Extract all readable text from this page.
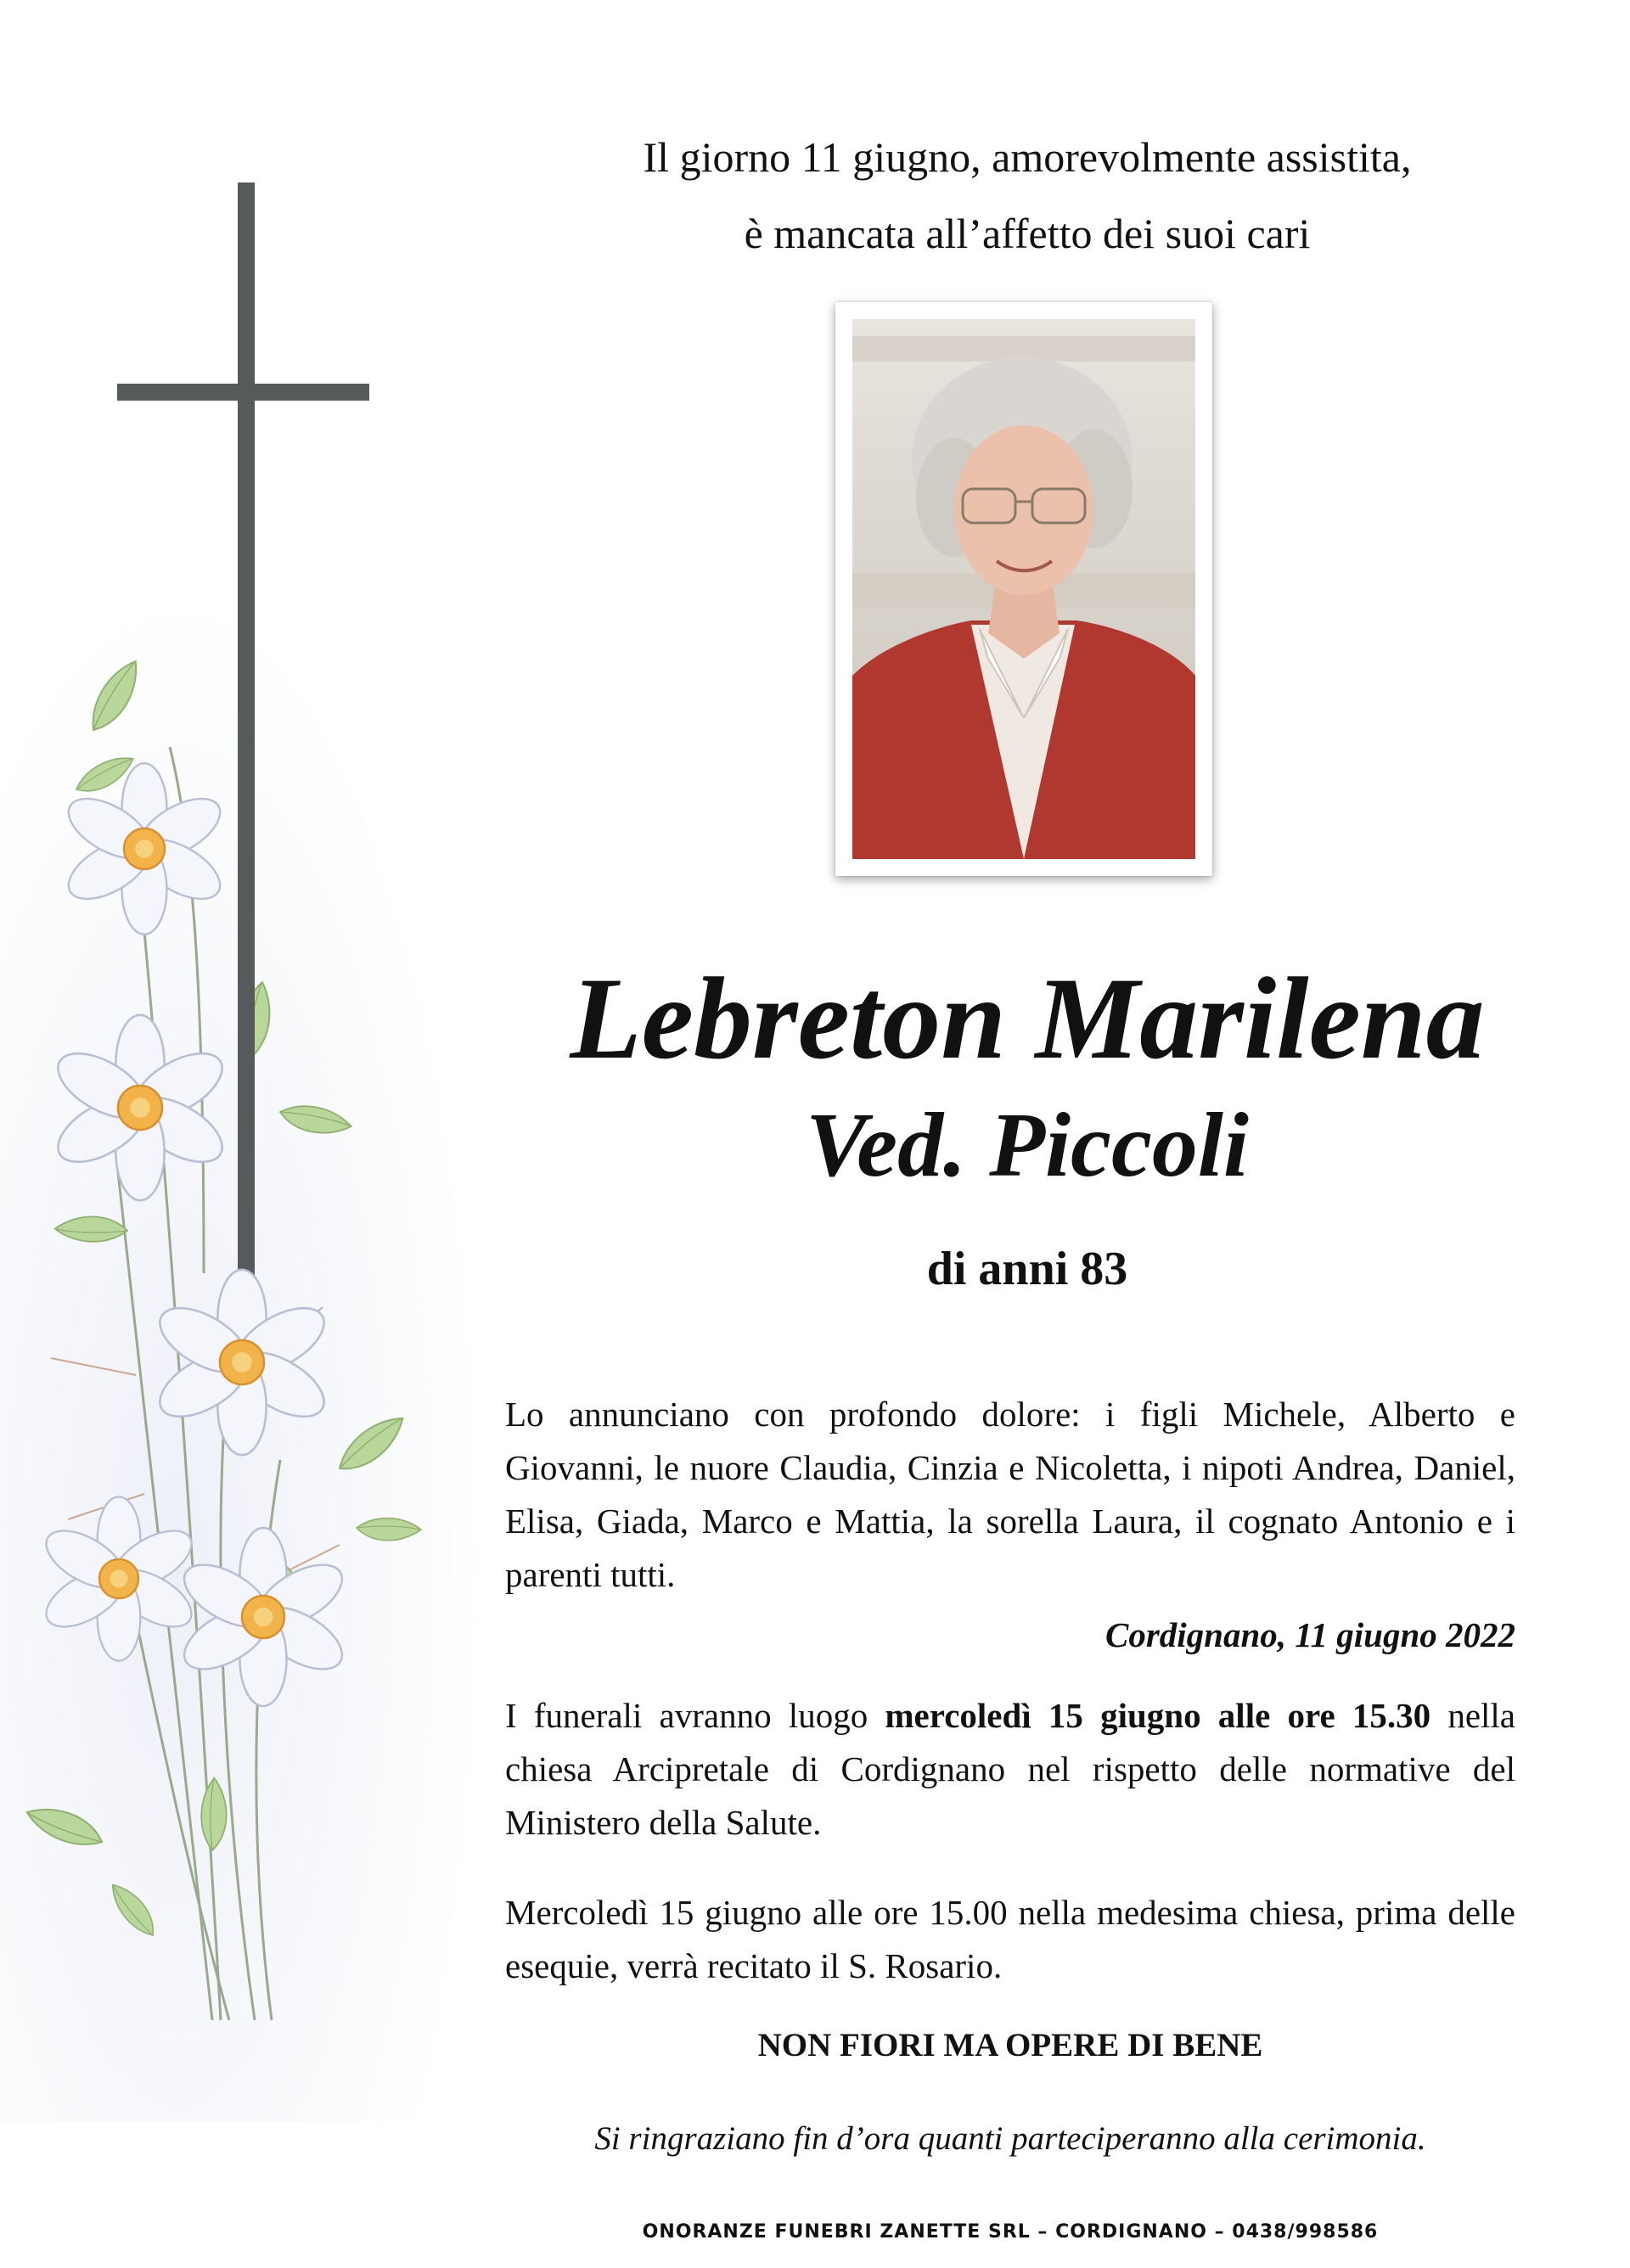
Il giorno 11 giugno, amorevolmente assistita,
è mancata all’affetto dei suoi cari
Lebreton Marilena
Ved. Piccoli
di anni 83
Lo annunciano con profondo dolore: i figli Michele, Alberto e Giovanni, le nuore Claudia, Cinzia e Nicoletta, i nipoti Andrea, Daniel, Elisa, Giada, Marco e Mattia, la sorella Laura, il cognato Antonio e i parenti tutti.
Cordignano, 11 giugno 2022
I funerali avranno luogo mercoledì 15 giugno alle ore 15.30 nella chiesa Arcipretale di Cordignano nel rispetto delle normative del Ministero della Salute.
Mercoledì 15 giugno alle ore 15.00 nella medesima chiesa, prima delle esequie, verrà recitato il S. Rosario.
NON FIORI MA OPERE DI BENE
Si ringraziano fin d’ora quanti parteciperanno alla cerimonia.
ONORANZE FUNEBRI ZANETTE SRL – CORDIGNANO – 0438/998586
